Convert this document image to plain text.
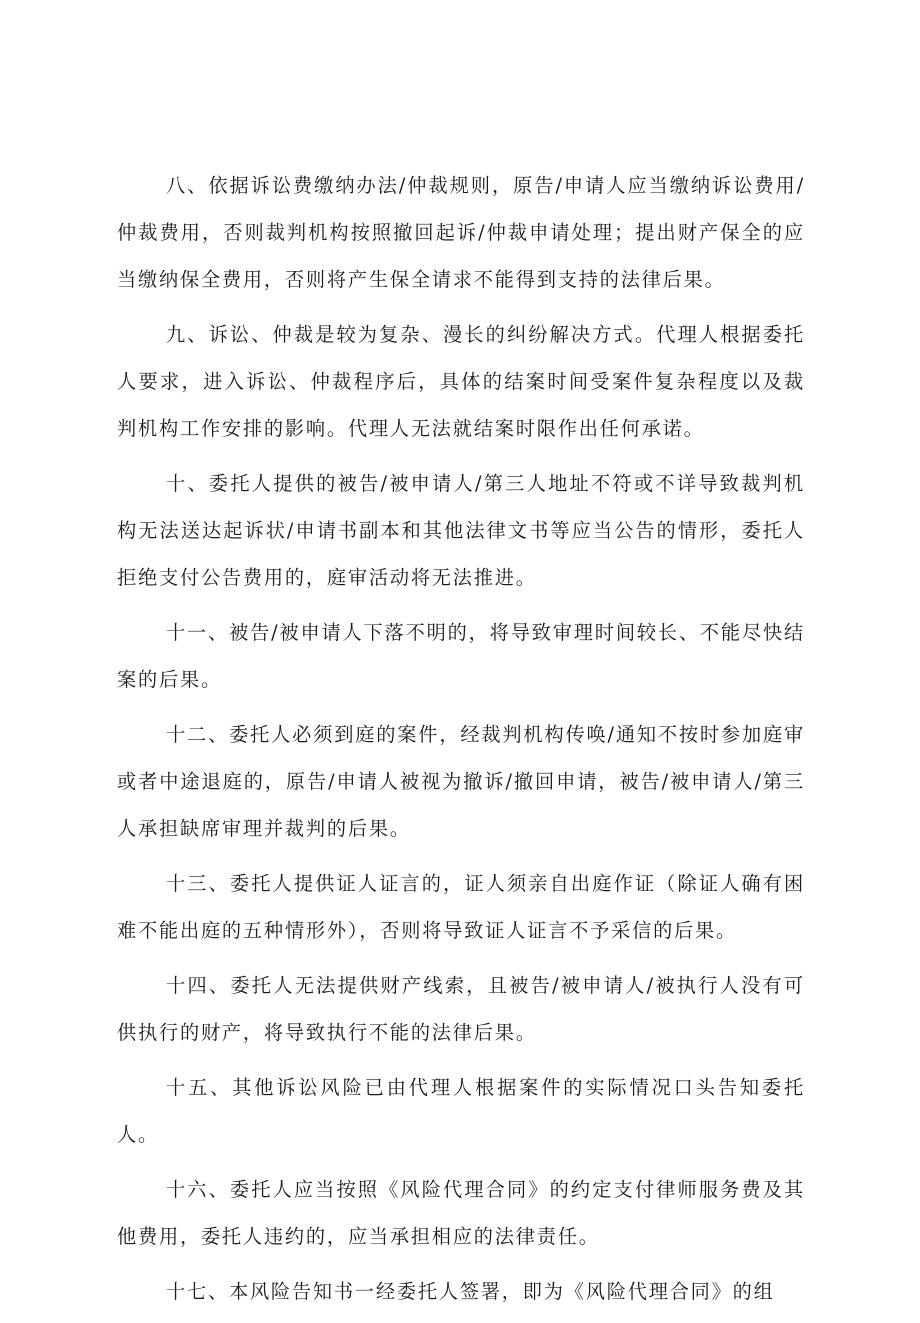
八、依据诉讼费缴纳办法/仲裁规则，原告/申请人应当缴纳诉讼费用/仲裁费用，否则裁判机构按照撤回起诉/仲裁申请处理；提出财产保全的应当缴纳保全费用，否则将产生保全请求不能得到支持的法律后果。

九、诉讼、仲裁是较为复杂、漫长的纠纷解决方式。代理人根据委托人要求，进入诉讼、仲裁程序后，具体的结案时间受案件复杂程度以及裁判机构工作安排的影响。代理人无法就结案时限作出任何承诺。

十、委托人提供的被告/被申请人/第三人地址不符或不详导致裁判机构无法送达起诉状/申请书副本和其他法律文书等应当公告的情形，委托人拒绝支付公告费用的，庭审活动将无法推进。

十一、被告/被申请人下落不明的，将导致审理时间较长、不能尽快结案的后果。

十二、委托人必须到庭的案件，经裁判机构传唤/通知不按时参加庭审或者中途退庭的，原告/申请人被视为撤诉/撤回申请，被告/被申请人/第三人承担缺席审理并裁判的后果。

十三、委托人提供证人证言的，证人须亲自出庭作证（除证人确有困难不能出庭的五种情形外），否则将导致证人证言不予采信的后果。

十四、委托人无法提供财产线索，且被告/被申请人/被执行人没有可供执行的财产，将导致执行不能的法律后果。

十五、其他诉讼风险已由代理人根据案件的实际情况口头告知委托人。

十六、委托人应当按照《风险代理合同》的约定支付律师服务费及其他费用，委托人违约的，应当承担相应的法律责任。

十七、本风险告知书一经委托人签署，即为《风险代理合同》的组
